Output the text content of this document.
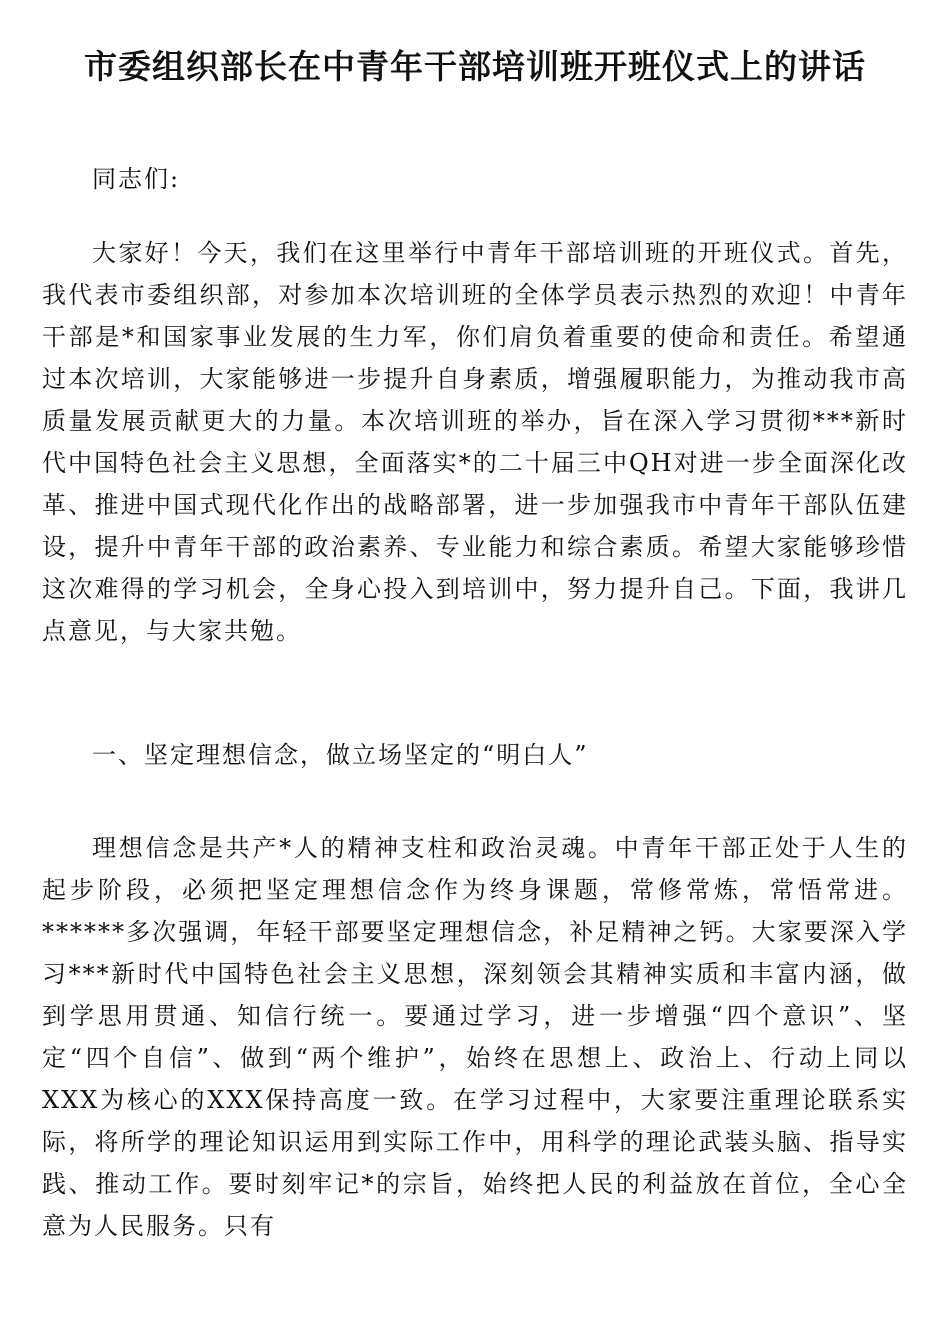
市委组织部长在中青年干部培训班开班仪式上的讲话

同志们:

大家好！今天，我们在这里举行中青年干部培训班的开班仪式。首先，我代表市委组织部，对参加本次培训班的全体学员表示热烈的欢迎！中青年干部是*和国家事业发展的生力军，你们肩负着重要的使命和责任。希望通过本次培训，大家能够进一步提升自身素质，增强履职能力，为推动我市高质量发展贡献更大的力量。本次培训班的举办，旨在深入学习贯彻***新时代中国特色社会主义思想，全面落实*的二十届三中QH对进一步全面深化改革、推进中国式现代化作出的战略部署，进一步加强我市中青年干部队伍建设，提升中青年干部的政治素养、专业能力和综合素质。希望大家能够珍惜这次难得的学习机会，全身心投入到培训中，努力提升自己。下面，我讲几点意见，与大家共勉。

一、坚定理想信念，做立场坚定的“明白人”

理想信念是共产*人的精神支柱和政治灵魂。中青年干部正处于人生的起步阶段，必须把坚定理想信念作为终身课题，常修常炼，常悟常进。******多次强调，年轻干部要坚定理想信念，补足精神之钙。大家要深入学习***新时代中国特色社会主义思想，深刻领会其精神实质和丰富内涵，做到学思用贯通、知信行统一。要通过学习，进一步增强“四个意识”、坚定“四个自信”、做到“两个维护”，始终在思想上、政治上、行动上同以XXX为核心的XXX保持高度一致。在学习过程中，大家要注重理论联系实际，将所学的理论知识运用到实际工作中，用科学的理论武装头脑、指导实践、推动工作。要时刻牢记*的宗旨，始终把人民的利益放在首位，全心全意为人民服务。只有
